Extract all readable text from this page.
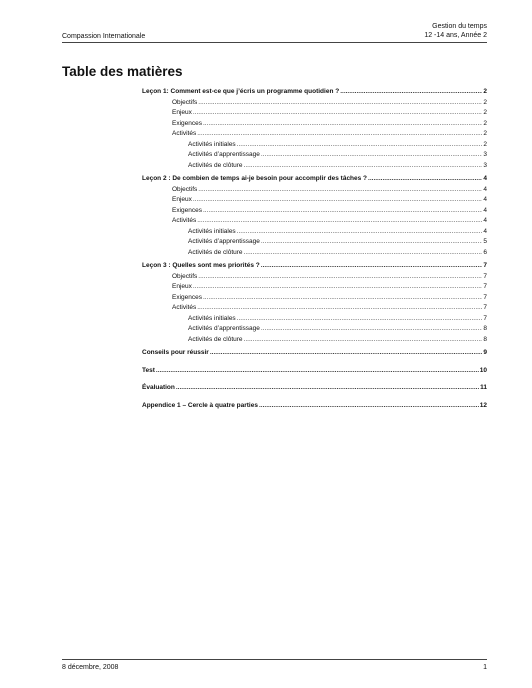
Compassion Internationale
Gestion du temps
12 -14 ans, Année 2
Table des matières
Leçon 1: Comment est-ce que j’écris un programme quotidien ? .....	2
Objectifs .....	2
Enjeux .....	2
Exigences .....	2
Activités .....	2
Activités initiales .....	2
Activités d’apprentissage .....	3
Activités de clôture .....	3
Leçon 2 : De combien de temps ai-je besoin pour accomplir des tâches ? .....	4
Objectifs .....	4
Enjeux .....	4
Exigences .....	4
Activités .....	4
Activités initiales .....	4
Activités d’apprentissage .....	5
Activités de clôture .....	6
Leçon 3 : Quelles sont mes priorités ? .....	7
Objectifs .....	7
Enjeux .....	7
Exigences .....	7
Activités .....	7
Activités initiales .....	7
Activités d’apprentissage .....	8
Activités de clôture .....	8
Conseils pour réussir .....	9
Test .....	10
Évaluation .....	11
Appendice 1 – Cercle à quatre parties .....	12
8 décembre, 2008	1
